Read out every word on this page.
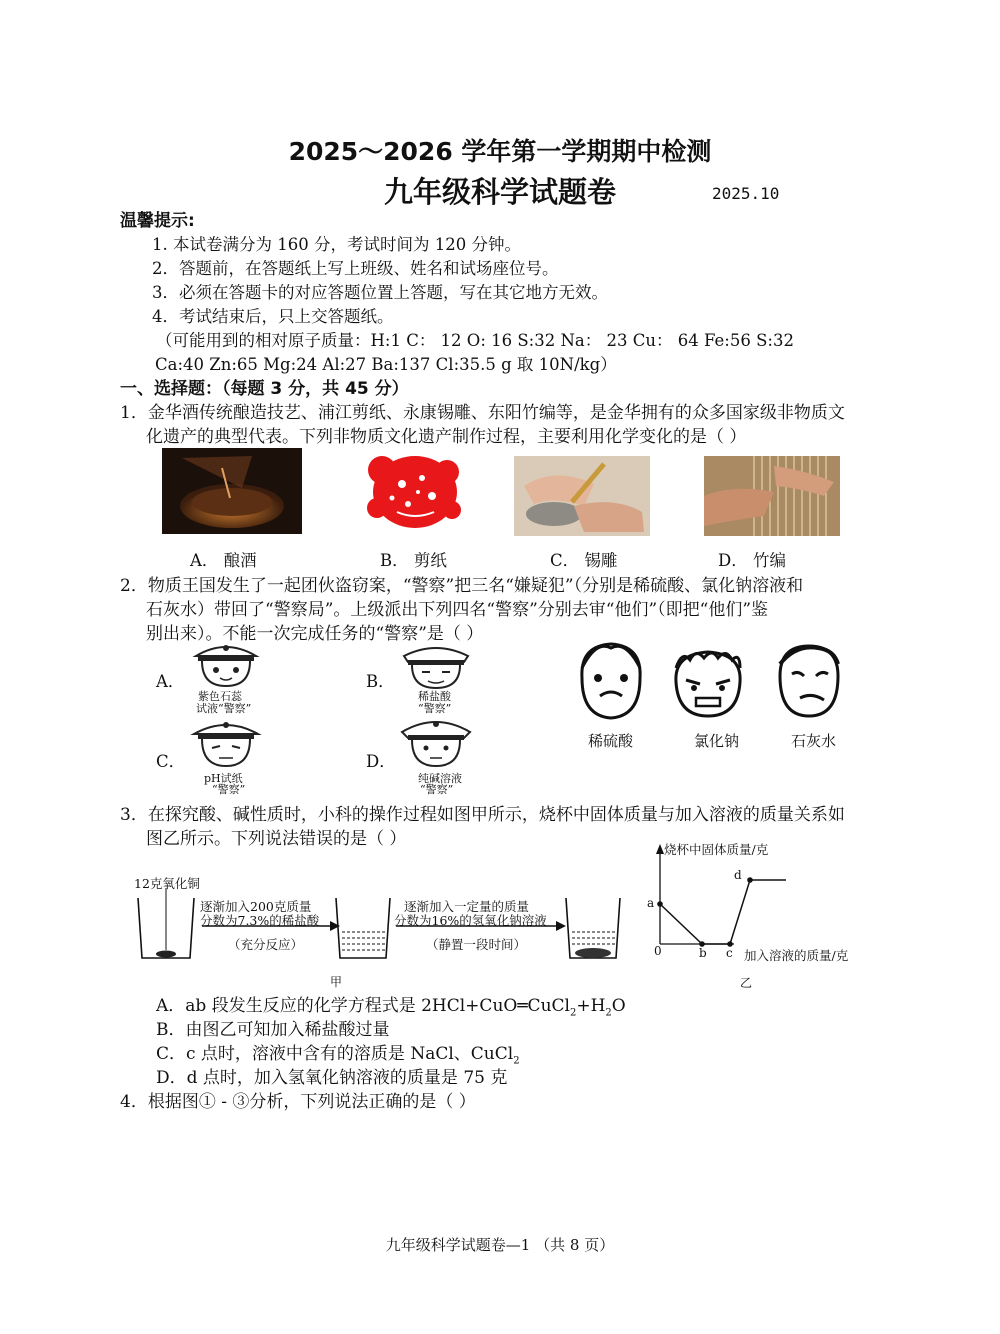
2025～2026 学年第一学期期中检测
九年级科学试题卷	2025.10
温馨提示:
1. 本试卷满分为 160 分，考试时间为 120 分钟。
2．答题前，在答题纸上写上班级、姓名和试场座位号。
3．必须在答题卡的对应答题位置上答题，写在其它地方无效。
4．考试结束后，只上交答题纸。
（可能用到的相对原子质量：H:1 C： 12 O: 16 S:32 Na： 23 Cu： 64 Fe:56 S:32
Ca:40 Zn:65 Mg:24 Al:27 Ba:137 Cl:35.5 g 取 10N/kg）
一、选择题：（每题 3 分，共 45 分）
1．金华酒传统酿造技艺、浦江剪纸、永康锡雕、东阳竹编等，是金华拥有的众多国家级非物质文
化遗产的典型代表。下列非物质文化遗产制作过程，主要利用化学变化的是（ ）
A． 酿酒	B． 剪纸	C． 锡雕	D． 竹编
2．物质王国发生了一起团伙盗窃案，“警察”把三名“嫌疑犯”（分别是稀硫酸、氯化钠溶液和
石灰水）带回了“警察局”。上级派出下列四名“警察”分别去审“他们”（即把“他们”鉴
别出来）。不能一次完成任务的“警察”是（ ）
A．	B．
C．	D．
紫色石蕊
试液“警察”
稀盐酸
“警察”
pH试纸
“警察”
纯碱溶液
“警察”
稀硫酸	氯化钠	石灰水
3．在探究酸、碱性质时，小科的操作过程如图甲所示，烧杯中固体质量与加入溶液的质量关系如
图乙所示。下列说法错误的是（ ）
12克氧化铜
逐渐加入200克质量
分数为7.3%的稀盐酸
（充分反应）
逐渐加入一定量的质量
分数为16%的氢氧化钠溶液
（静置一段时间）
甲
烧杯中固体质量/克
加入溶液的质量/克
0
a
b c
d
乙
A．ab 段发生反应的化学方程式是 $2HCl+CuO═CuCl_2+H_2O$
B．由图乙可知加入稀盐酸过量
C．c 点时，溶液中含有的溶质是 NaCl、CuCl$_2$
D．d 点时，加入氢氧化钠溶液的质量是 75 克
4．根据图① - ③分析，下列说法正确的是（ ）
九年级科学试题卷—1 （共 8 页）
